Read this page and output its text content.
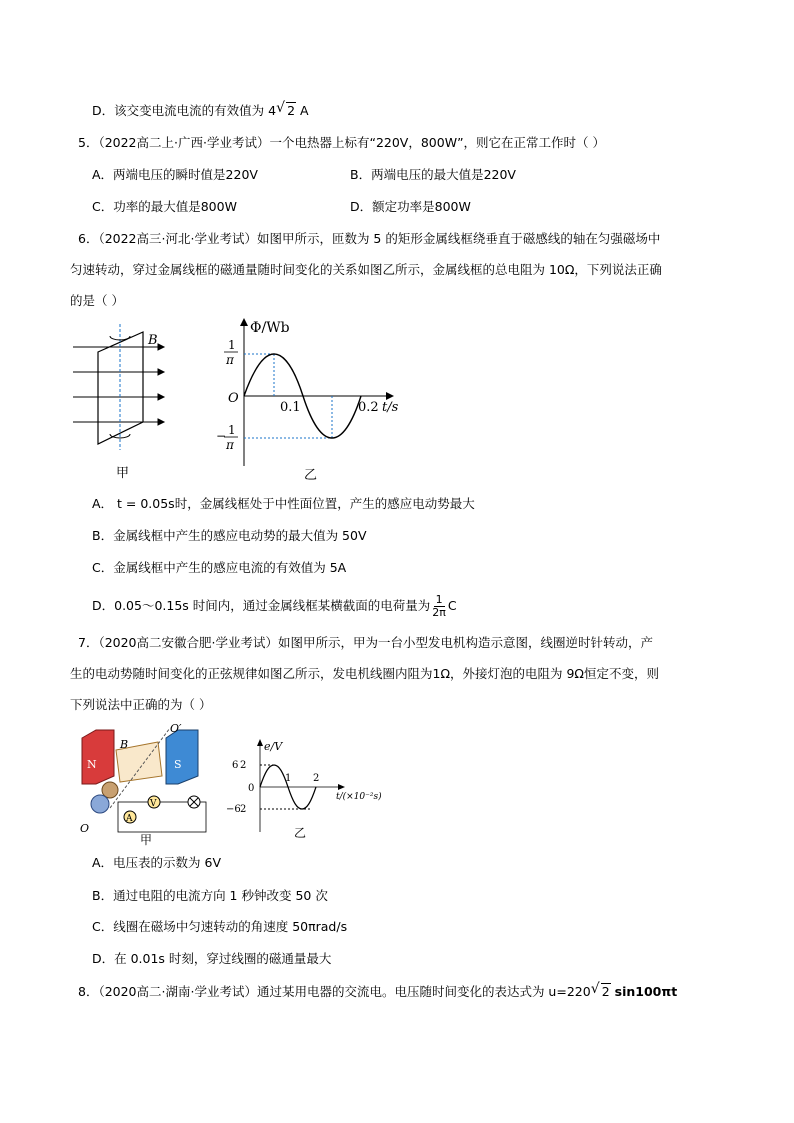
D．该交变电流电流的有效值为 4 √ 2 A
5．（2022高二上·广西·学业考试）一个电热器上标有“220V，800W”，则它在正常工作时（ ）
A．两端电压的瞬时值是220V	B．两端电压的最大值是220V
C．功率的最大值是800W	D．额定功率是800W
6．（2022高三·河北·学业考试）如图甲所示，匝数为 5 的矩形金属线框绕垂直于磁感线的轴在匀强磁场中
匀速转动，穿过金属线框的磁通量随时间变化的关系如图乙所示，金属线框的总电阻为 10Ω，下列说法正确
的是（ ）
B
甲
Φ/Wb
1
π
− 1
π
O
0.1	0.2 t/s
乙
A． t = 0.05s时，金属线框处于中性面位置，产生的感应电动势最大
B．金属线框中产生的感应电动势的最大值为 50V
C．金属线框中产生的感应电流的有效值为 5A
D．0.05～0.15s 时间内，通过金属线框某横截面的电荷量为 $\frac{1}{2\pi}$ C
7．（2020高二安徽合肥·学业考试）如图甲所示，甲为一台小型发电机构造示意图，线圈逆时针转动，产
生的电动势随时间变化的正弦规律如图乙所示，发电机线圈内阻为1Ω，外接灯泡的电阻为 9Ω恒定不变，则
下列说法中正确的为（ ）
N	S
B
O′
O
V
A
甲
e/V
6 2
0
−6 2
1 2
t/(×10⁻²s)
乙
A．电压表的示数为 6V
B．通过电阻的电流方向 1 秒钟改变 50 次
C．线圈在磁场中匀速转动的角速度 50πrad/s
D．在 0.01s 时刻，穿过线圈的磁通量最大
8．（2020高二·湖南·学业考试）通过某用电器的交流电。电压随时间变化的表达式为 u=220 √ 2 sin100πt
